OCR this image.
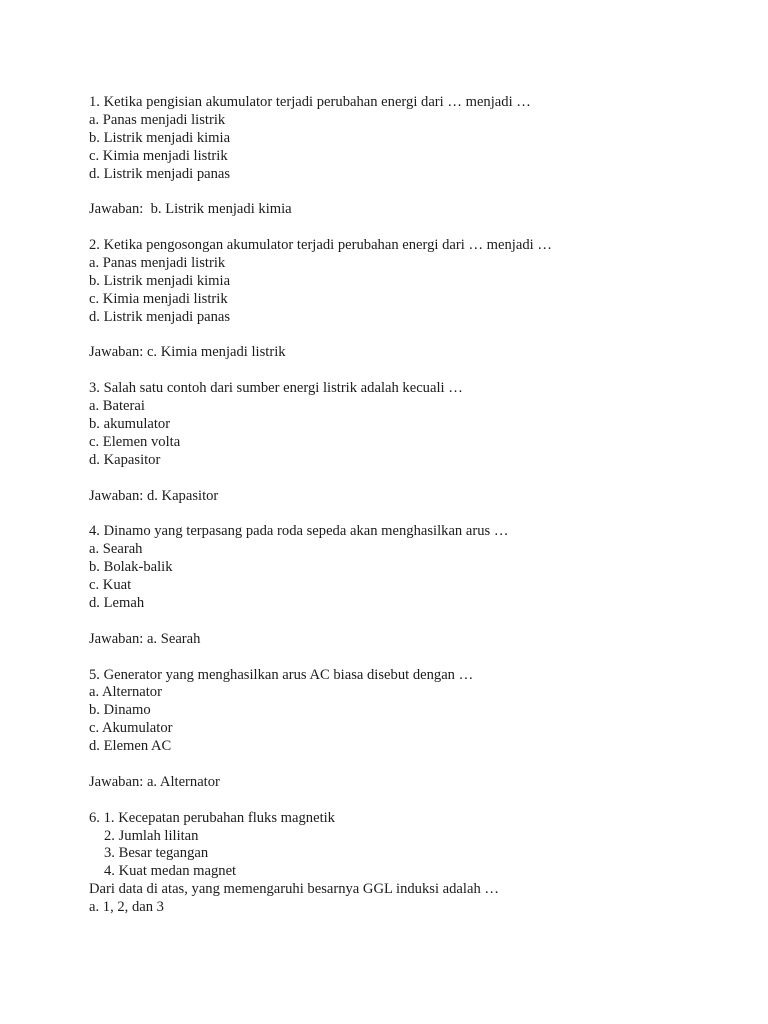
1. Ketika pengisian akumulator terjadi perubahan energi dari … menjadi …
a. Panas menjadi listrik
b. Listrik menjadi kimia
c. Kimia menjadi listrik
d. Listrik menjadi panas
Jawaban:  b. Listrik menjadi kimia
2. Ketika pengosongan akumulator terjadi perubahan energi dari … menjadi …
a. Panas menjadi listrik
b. Listrik menjadi kimia
c. Kimia menjadi listrik
d. Listrik menjadi panas
Jawaban: c. Kimia menjadi listrik
3. Salah satu contoh dari sumber energi listrik adalah kecuali …
a. Baterai
b. akumulator
c. Elemen volta
d. Kapasitor
Jawaban: d. Kapasitor
4. Dinamo yang terpasang pada roda sepeda akan menghasilkan arus …
a. Searah
b. Bolak-balik
c. Kuat
d. Lemah
Jawaban: a. Searah
5. Generator yang menghasilkan arus AC biasa disebut dengan …
a. Alternator
b. Dinamo
c. Akumulator
d. Elemen AC
Jawaban: a. Alternator
6. 1. Kecepatan perubahan fluks magnetik
2. Jumlah lilitan
3. Besar tegangan
4. Kuat medan magnet
Dari data di atas, yang memengaruhi besarnya GGL induksi adalah …
a. 1, 2, dan 3
